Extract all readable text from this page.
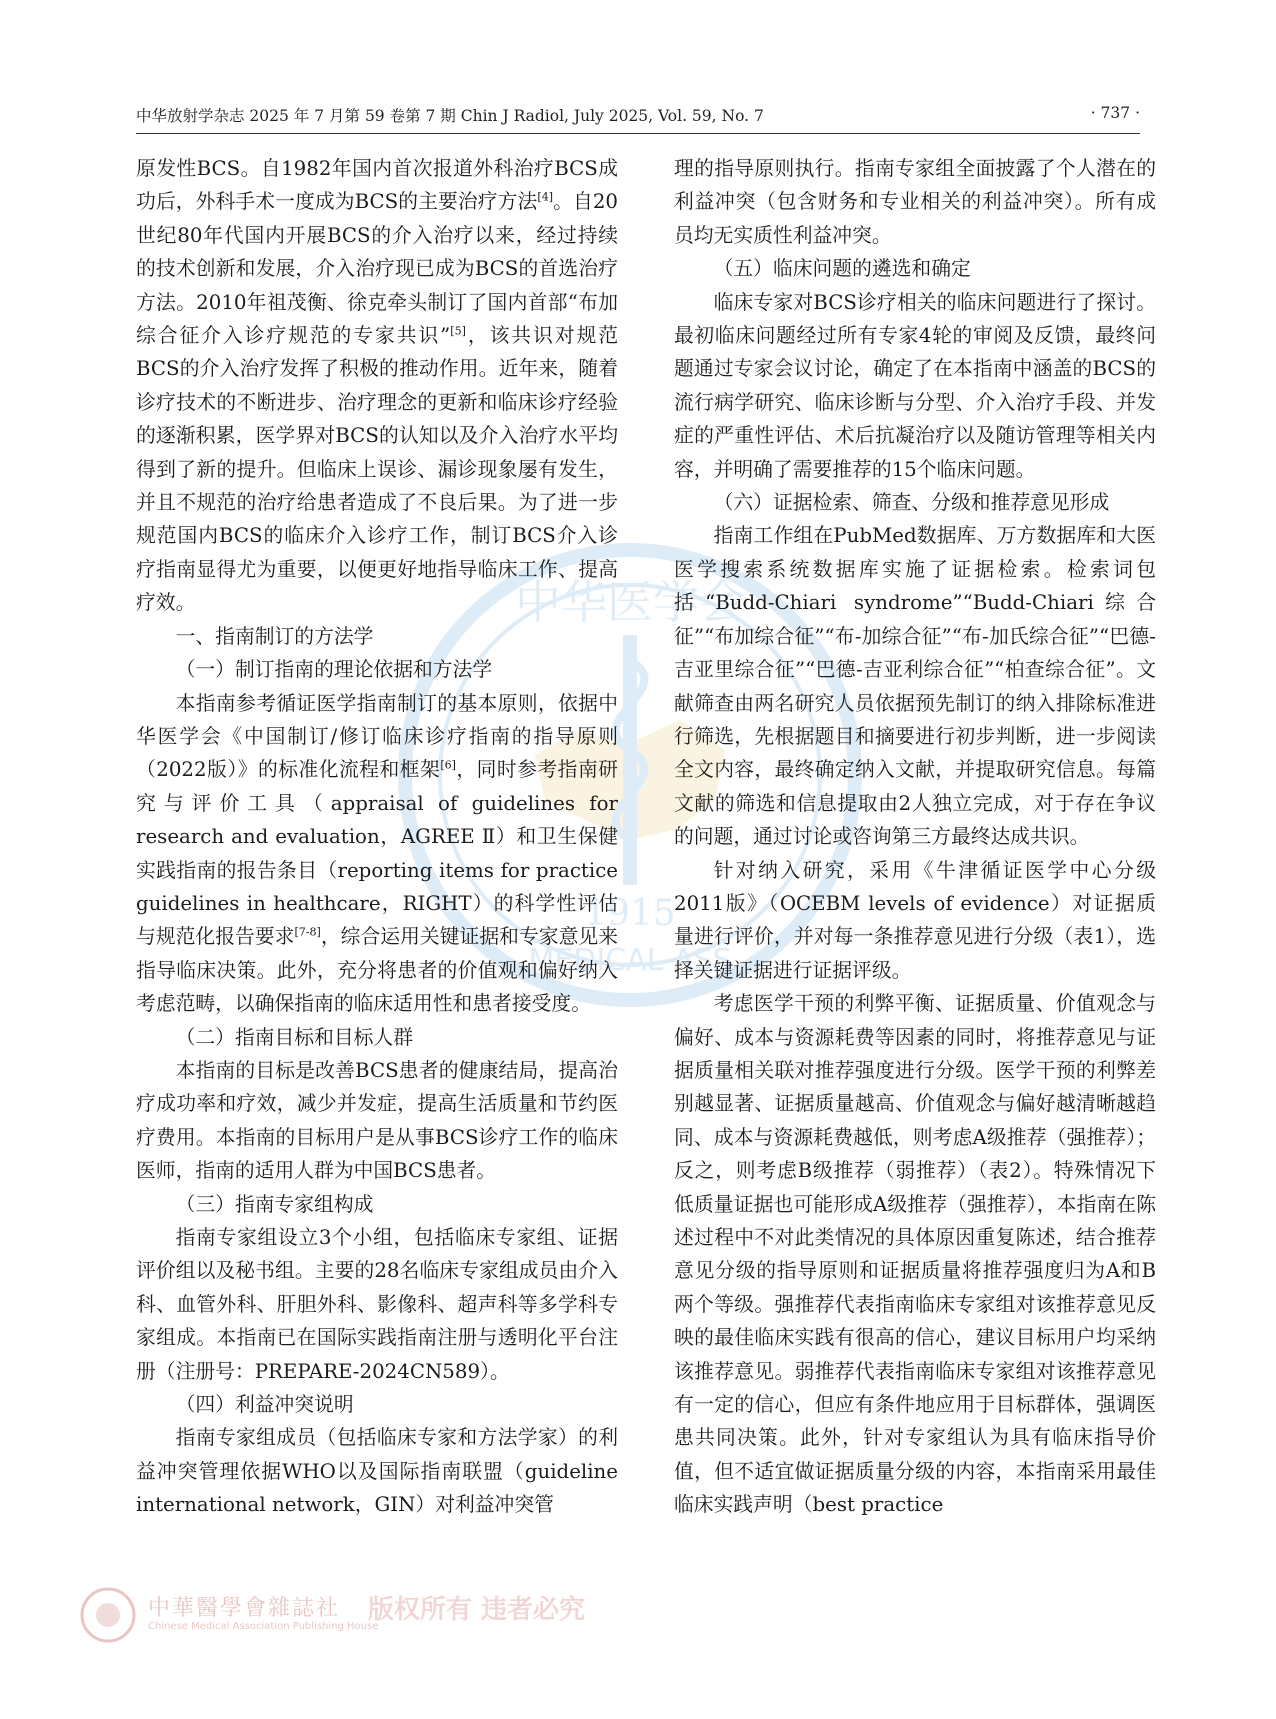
中华放射学杂志 2025 年 7 月第 59 卷第 7 期 Chin J Radiol, July 2025, Vol. 59, No. 7	· 737 ·
中华医学会
1915
MEDICAL ASS

原发性BCS。自1982年国内首次报道外科治疗BCS成功后，外科手术一度成为BCS的主要治疗方法[4]。自20世纪80年代国内开展BCS的介入治疗以来，经过持续的技术创新和发展，介入治疗现已成为BCS的首选治疗方法。2010年祖茂衡、徐克牵头制订了国内首部“布加综合征介入诊疗规范的专家共识”[5]，该共识对规范BCS的介入治疗发挥了积极的推动作用。近年来，随着诊疗技术的不断进步、治疗理念的更新和临床诊疗经验的逐渐积累，医学界对BCS的认知以及介入治疗水平均得到了新的提升。但临床上误诊、漏诊现象屡有发生，并且不规范的治疗给患者造成了不良后果。为了进一步规范国内BCS的临床介入诊疗工作，制订BCS介入诊疗指南显得尤为重要，以便更好地指导临床工作、提高疗效。

一、指南制订的方法学

（一）制订指南的理论依据和方法学

本指南参考循证医学指南制订的基本原则，依据中华医学会《中国制订/修订临床诊疗指南的指导原则（2022版）》的标准化流程和框架[6]，同时参考指南研究与评价工具（appraisal of guidelines for research and evaluation，AGREE Ⅱ）和卫生保健实践指南的报告条目（reporting items for practice guidelines in healthcare，RIGHT）的科学性评估与规范化报告要求[7-8]，综合运用关键证据和专家意见来指导临床决策。此外，充分将患者的价值观和偏好纳入考虑范畴，以确保指南的临床适用性和患者接受度。

（二）指南目标和目标人群

本指南的目标是改善BCS患者的健康结局，提高治疗成功率和疗效，减少并发症，提高生活质量和节约医疗费用。本指南的目标用户是从事BCS诊疗工作的临床医师，指南的适用人群为中国BCS患者。

（三）指南专家组构成

指南专家组设立3个小组，包括临床专家组、证据评价组以及秘书组。主要的28名临床专家组成员由介入科、血管外科、肝胆外科、影像科、超声科等多学科专家组成。本指南已在国际实践指南注册与透明化平台注册（注册号：PREPARE-2024CN589）。

（四）利益冲突说明

指南专家组成员（包括临床专家和方法学家）的利益冲突管理依据WHO以及国际指南联盟（guideline international network，GIN）对利益冲突管

理的指导原则执行。指南专家组全面披露了个人潜在的利益冲突（包含财务和专业相关的利益冲突）。所有成员均无实质性利益冲突。

（五）临床问题的遴选和确定

临床专家对BCS诊疗相关的临床问题进行了探讨。最初临床问题经过所有专家4轮的审阅及反馈，最终问题通过专家会议讨论，确定了在本指南中涵盖的BCS的流行病学研究、临床诊断与分型、介入治疗手段、并发症的严重性评估、术后抗凝治疗以及随访管理等相关内容，并明确了需要推荐的15个临床问题。

（六）证据检索、筛查、分级和推荐意见形成

指南工作组在PubMed数据库、万方数据库和大医医学搜索系统数据库实施了证据检索。检索词包括“Budd-Chiari syndrome”“Budd-Chiari综合征”“布加综合征”“布-加综合征”“布-加氏综合征”“巴德-吉亚里综合征”“巴德-吉亚利综合征”“柏查综合征”。文献筛查由两名研究人员依据预先制订的纳入排除标准进行筛选，先根据题目和摘要进行初步判断，进一步阅读全文内容，最终确定纳入文献，并提取研究信息。每篇文献的筛选和信息提取由2人独立完成，对于存在争议的问题，通过讨论或咨询第三方最终达成共识。

针对纳入研究，采用《牛津循证医学中心分级2011版》（OCEBM levels of evidence）对证据质量进行评价，并对每一条推荐意见进行分级（表1），选择关键证据进行证据评级。

考虑医学干预的利弊平衡、证据质量、价值观念与偏好、成本与资源耗费等因素的同时，将推荐意见与证据质量相关联对推荐强度进行分级。医学干预的利弊差别越显著、证据质量越高、价值观念与偏好越清晰越趋同、成本与资源耗费越低，则考虑A级推荐（强推荐）；反之，则考虑B级推荐（弱推荐）（表2）。特殊情况下低质量证据也可能形成A级推荐（强推荐），本指南在陈述过程中不对此类情况的具体原因重复陈述，结合推荐意见分级的指导原则和证据质量将推荐强度归为A和B两个等级。强推荐代表指南临床专家组对该推荐意见反映的最佳临床实践有很高的信心，建议目标用户均采纳该推荐意见。弱推荐代表指南临床专家组对该推荐意见有一定的信心，但应有条件地应用于目标群体，强调医患共同决策。此外，针对专家组认为具有临床指导价值，但不适宜做证据质量分级的内容，本指南采用最佳临床实践声明（best practice

中華醫學會雜誌社
Chinese Medical Association Publishing House
版权所有 违者必究
